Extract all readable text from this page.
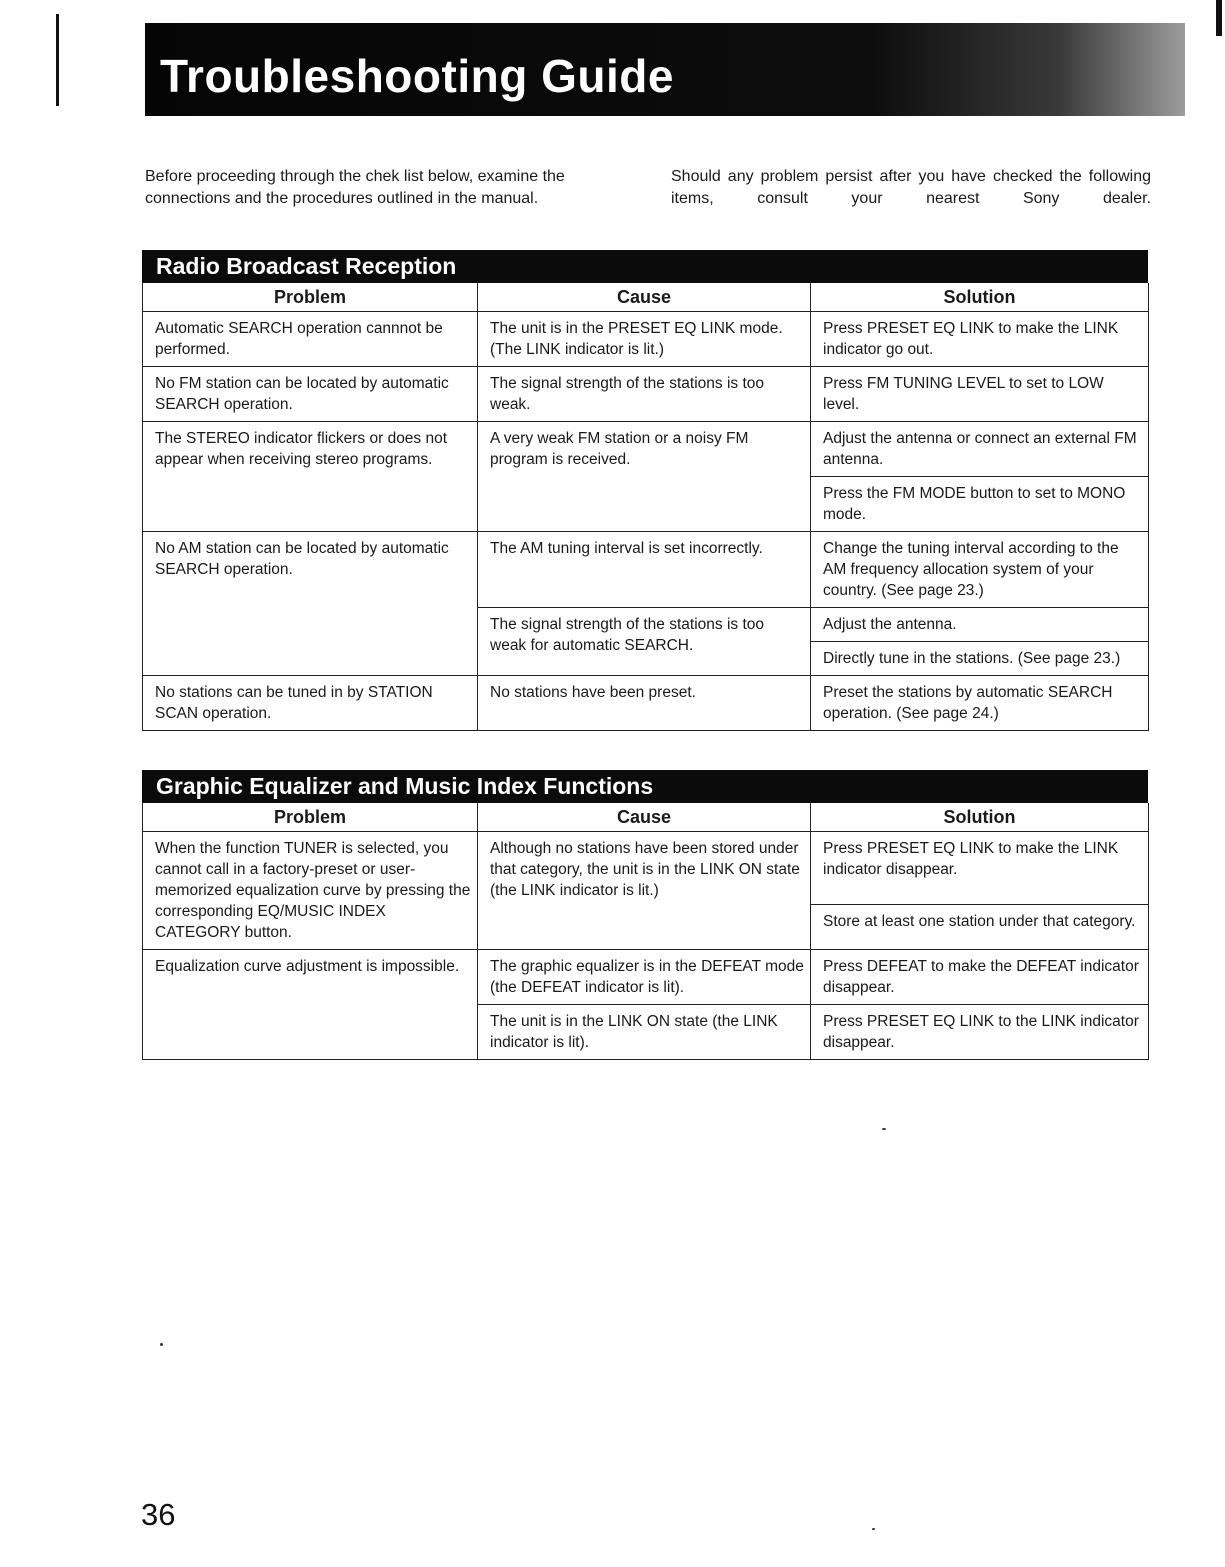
Troubleshooting Guide

Before proceeding through the chek list below, examine the connections and the procedures outlined in the manual.

Should any problem persist after you have checked the following items, consult your nearest Sony dealer.

Radio Broadcast Reception
Problem	Cause	Solution
Automatic SEARCH operation cannnot be performed.	The unit is in the PRESET EQ LINK mode. (The LINK indicator is lit.)	Press PRESET EQ LINK to make the LINK indicator go out.
No FM station can be located by automatic SEARCH operation.	The signal strength of the stations is too weak.	Press FM TUNING LEVEL to set to LOW level.
The STEREO indicator flickers or does not appear when receiving stereo programs.	A very weak FM station or a noisy FM program is received.	Adjust the antenna or connect an external FM antenna.
		Press the FM MODE button to set to MONO mode.
No AM station can be located by automatic SEARCH operation.	The AM tuning interval is set incorrectly.	Change the tuning interval according to the AM frequency allocation system of your country. (See page 23.)
	The signal strength of the stations is too weak for automatic SEARCH.	Adjust the antenna.
		Directly tune in the stations. (See page 23.)
No stations can be tuned in by STATION SCAN operation.	No stations have been preset.	Preset the stations by automatic SEARCH operation. (See page 24.)
Graphic Equalizer and Music Index Functions
Problem	Cause	Solution
When the function TUNER is selected, you cannot call in a factory-preset or user-memorized equalization curve by pressing the corresponding EQ/MUSIC INDEX CATEGORY button.	Although no stations have been stored under that category, the unit is in the LINK ON state (the LINK indicator is lit.)	Press PRESET EQ LINK to make the LINK indicator disappear.
		Store at least one station under that category.
Equalization curve adjustment is impossible.	The graphic equalizer is in the DEFEAT mode (the DEFEAT indicator is lit).	Press DEFEAT to make the DEFEAT indicator disappear.
	The unit is in the LINK ON state (the LINK indicator is lit).	Press PRESET EQ LINK to the LINK indicator disappear.

36
